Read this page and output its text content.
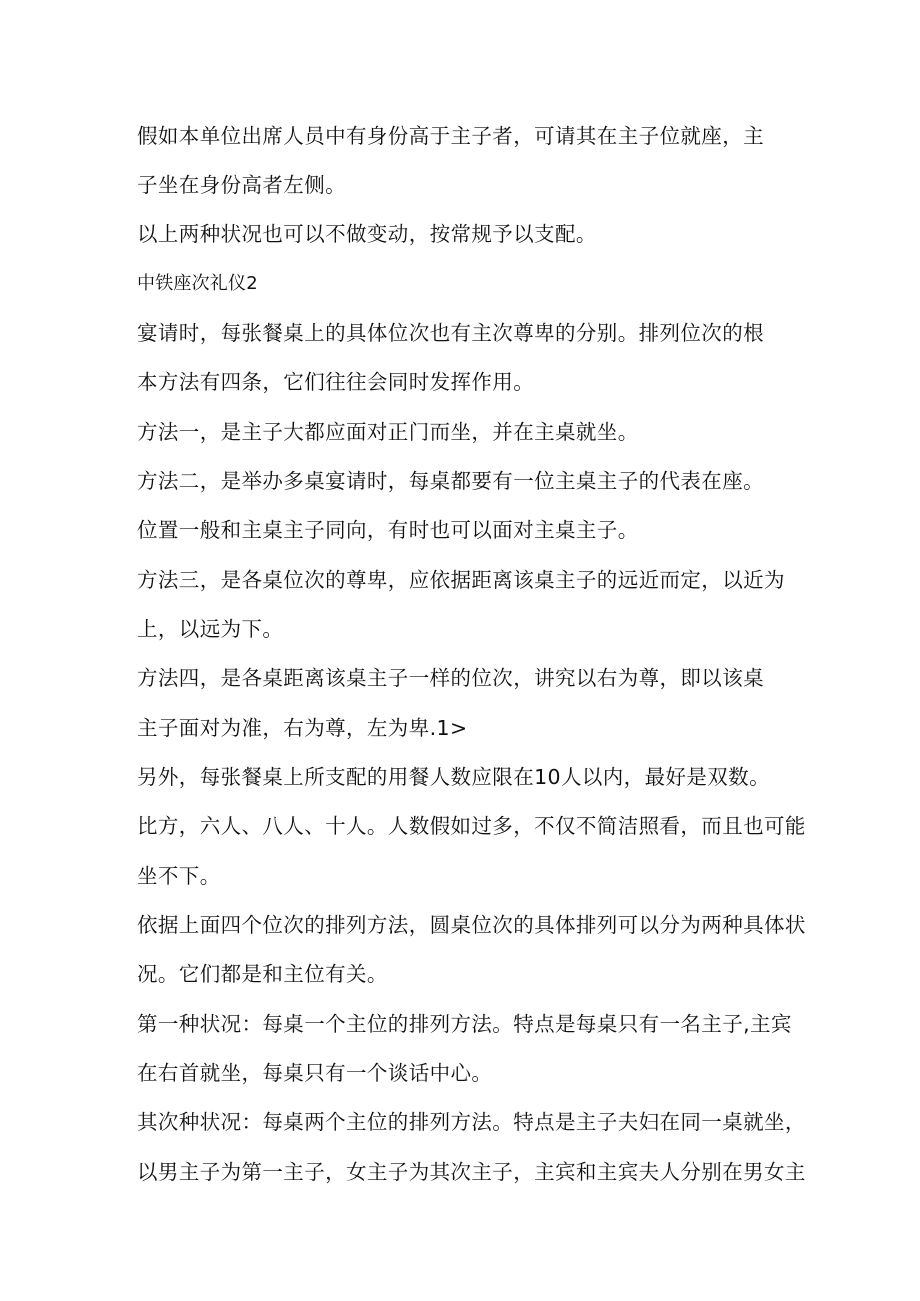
假如本单位出席人员中有身份高于主子者，可请其在主子位就座，主
子坐在身份高者左侧。
以上两种状况也可以不做变动，按常规予以支配。
中铁座次礼仪2
宴请时，每张餐桌上的具体位次也有主次尊卑的分别。排列位次的根
本方法有四条，它们往往会同时发挥作用。
方法一，是主子大都应面对正门而坐，并在主桌就坐。
方法二，是举办多桌宴请时，每桌都要有一位主桌主子的代表在座。
位置一般和主桌主子同向，有时也可以面对主桌主子。
方法三，是各桌位次的尊卑，应依据距离该桌主子的远近而定，以近为
上，以远为下。
方法四，是各桌距离该桌主子一样的位次，讲究以右为尊，即以该桌
主子面对为准，右为尊，左为卑.1>
另外，每张餐桌上所支配的用餐人数应限在10人以内，最好是双数。
比方，六人、八人、十人。人数假如过多，不仅不简洁照看，而且也可能
坐不下。
依据上面四个位次的排列方法，圆桌位次的具体排列可以分为两种具体状
况。它们都是和主位有关。
第一种状况：每桌一个主位的排列方法。特点是每桌只有一名主子,主宾
在右首就坐，每桌只有一个谈话中心。
其次种状况：每桌两个主位的排列方法。特点是主子夫妇在同一桌就坐，
以男主子为第一主子，女主子为其次主子，主宾和主宾夫人分别在男女主
